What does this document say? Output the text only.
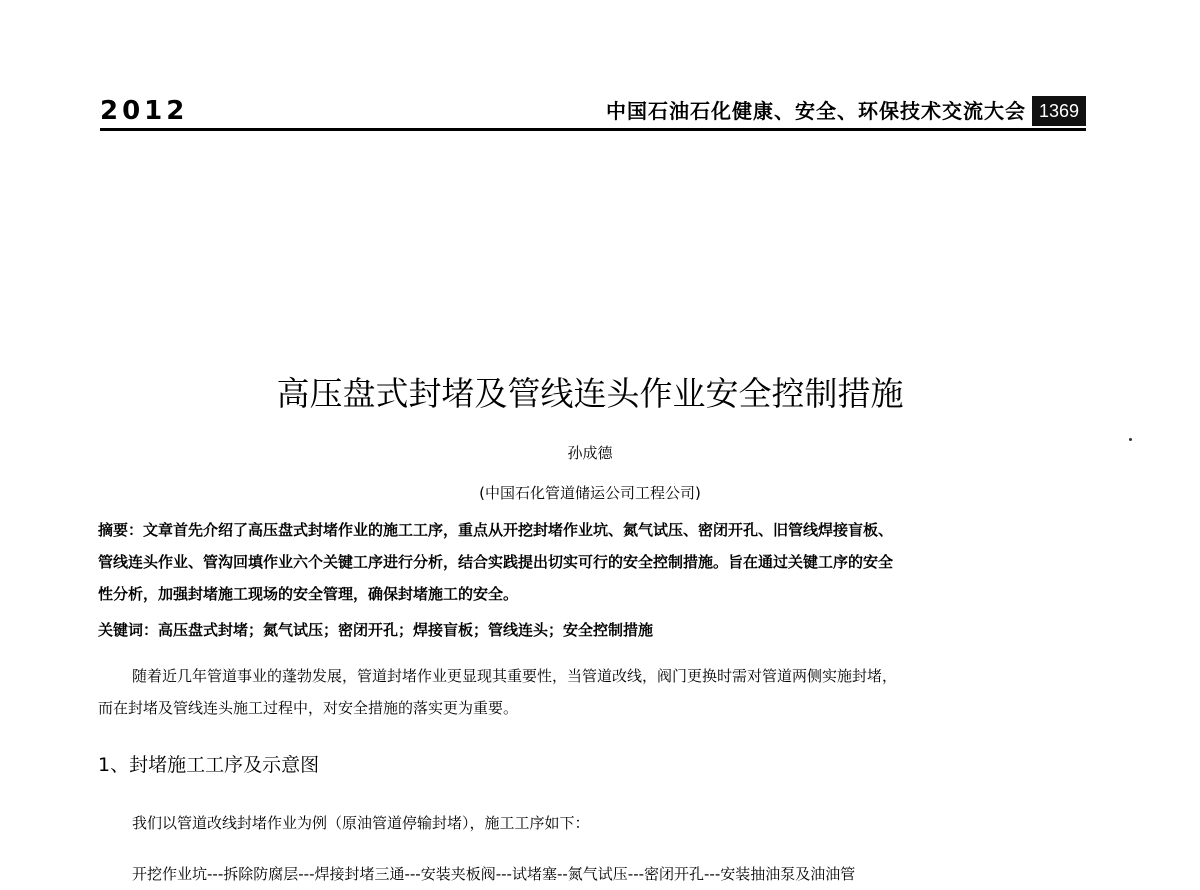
2012	中国石油石化健康、安全、环保技术交流大会 1369
高压盘式封堵及管线连头作业安全控制措施
孙成德
(中国石化管道储运公司工程公司)
摘要：文章首先介绍了高压盘式封堵作业的施工工序，重点从开挖封堵作业坑、氮气试压、密闭开孔、旧管线焊接盲板、
管线连头作业、管沟回填作业六个关键工序进行分析，结合实践提出切实可行的安全控制措施。旨在通过关键工序的安全
性分析，加强封堵施工现场的安全管理，确保封堵施工的安全。
关键词：高压盘式封堵；氮气试压；密闭开孔；焊接盲板；管线连头；安全控制措施
随着近几年管道事业的蓬勃发展，管道封堵作业更显现其重要性，当管道改线，阀门更换时需对管道两侧实施封堵，
而在封堵及管线连头施工过程中，对安全措施的落实更为重要。
1、封堵施工工序及示意图
我们以管道改线封堵作业为例（原油管道停输封堵），施工工序如下：
开挖作业坑---拆除防腐层---焊接封堵三通---安装夹板阀---试堵塞--氮气试压---密闭开孔---安装抽油泵及油油管
